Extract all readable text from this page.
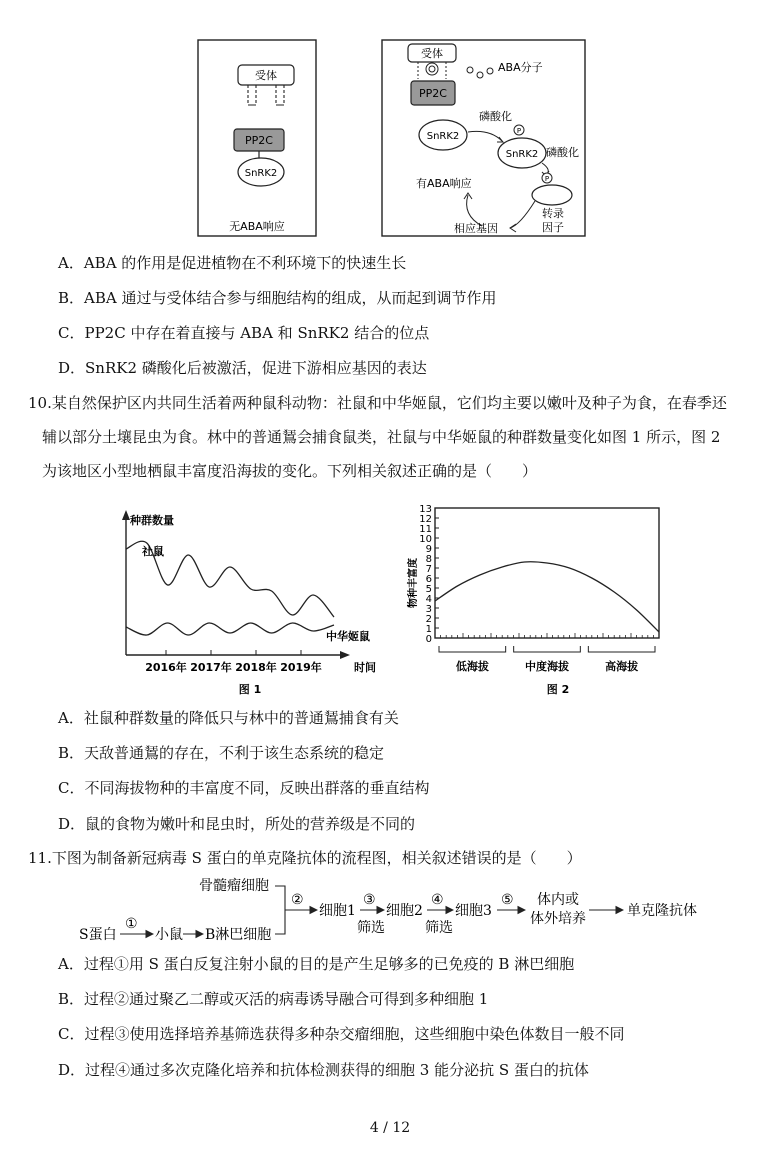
受体
PP2C
SnRK2
无ABA响应
受体
PP2C
ABA分子
磷酸化
SnRK2	P
SnRK2 磷酸化
P
有ABA响应
相应基因
转录
因子
A．ABA 的作用是促进植物在不利环境下的快速生长
B．ABA 通过与受体结合参与细胞结构的组成，从而起到调节作用
C．PP2C 中存在着直接与 ABA 和 SnRK2 结合的位点
D．SnRK2 磷酸化后被激活，促进下游相应基因的表达
10.某自然保护区内共同生活着两种鼠科动物：社鼠和中华姬鼠，它们均主要以嫩叶及种子为食，在春季还
辅以部分土壤昆虫为食。林中的普通鵟会捕食鼠类，社鼠与中华姬鼠的种群数量变化如图 1 所示，图 2
为该地区小型地栖鼠丰富度沿海拔的变化。下列相关叙述正确的是（　　）
种群数量
时间
2016年 2017年 2018年 2019年
社鼠
中华姬鼠
图 1
0
1
2
3
4
5
6
7
8
9
10
11
12
13
物种丰富度
低海拔	中度海拔	高海拔
图 2
A．社鼠种群数量的降低只与林中的普通鵟捕食有关
B．天敌普通鵟的存在，不利于该生态系统的稳定
C．不同海拔物种的丰富度不同，反映出群落的垂直结构
D．鼠的食物为嫩叶和昆虫时，所处的营养级是不同的
11.下图为制备新冠病毒 S 蛋白的单克隆抗体的流程图，相关叙述错误的是（　　）
骨髓瘤细胞
S蛋白
①
小鼠 B淋巴细胞
②
细胞1
③
筛选
细胞2
④
筛选
细胞3
⑤ 体内或
体外培养	单克隆抗体
A．过程①用 S 蛋白反复注射小鼠的目的是产生足够多的已免疫的 B 淋巴细胞
B．过程②通过聚乙二醇或灭活的病毒诱导融合可得到多种细胞 1
C．过程③使用选择培养基筛选获得多种杂交瘤细胞，这些细胞中染色体数目一般不同
D．过程④通过多次克隆化培养和抗体检测获得的细胞 3 能分泌抗 S 蛋白的抗体
4 / 12
